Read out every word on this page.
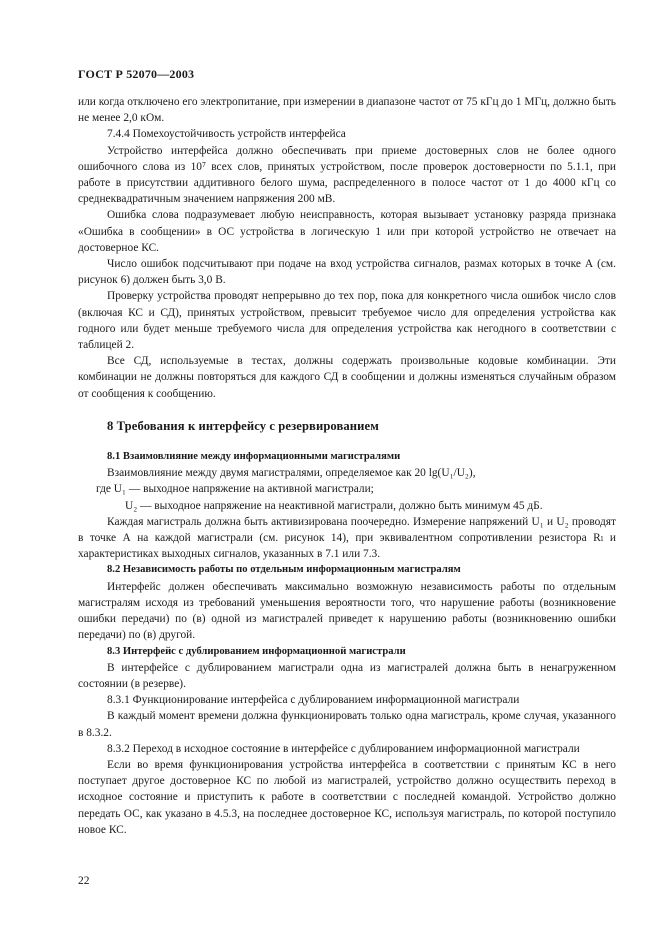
ГОСТ Р 52070—2003

или когда отключено его электропитание, при измерении в диапазоне частот от 75 кГц до 1 МГц, должно быть не менее 2,0 кОм.

7.4.4 Помехоустойчивость устройств интерфейса

Устройство интерфейса должно обеспечивать при приеме достоверных слов не более одного ошибочного слова из 10⁷ всех слов, принятых устройством, после проверок достоверности по 5.1.1, при работе в присутствии аддитивного белого шума, распределенного в полосе частот от 1 до 4000 кГц со среднеквадратичным значением напряжения 200 мВ.

Ошибка слова подразумевает любую неисправность, которая вызывает установку разряда признака «Ошибка в сообщении» в ОС устройства в логическую 1 или при которой устройство не отвечает на достоверное КС.

Число ошибок подсчитывают при подаче на вход устройства сигналов, размах которых в точке А (см. рисунок 6) должен быть 3,0 В.

Проверку устройства проводят непрерывно до тех пор, пока для конкретного числа ошибок число слов (включая КС и СД), принятых устройством, превысит требуемое число для определения устройства как годного или будет меньше требуемого числа для определения устройства как негодного в соответствии с таблицей 2.

Все СД, используемые в тестах, должны содержать произвольные кодовые комбинации. Эти комбинации не должны повторяться для каждого СД в сообщении и должны изменяться случайным образом от сообщения к сообщению.

8 Требования к интерфейсу с резервированием

8.1 Взаимовлияние между информационными магистралями

Взаимовлияние между двумя магистралями, определяемое как 20 lg(U₁/U₂),

где U₁ — выходное напряжение на активной магистрали;

U₂ — выходное напряжение на неактивной магистрали, должно быть минимум 45 дБ.

Каждая магистраль должна быть активизирована поочередно. Измерение напряжений U₁ и U₂ проводят в точке А на каждой магистрали (см. рисунок 14), при эквивалентном сопротивлении резистора Rₗ и характеристиках выходных сигналов, указанных в 7.1 или 7.3.

8.2 Независимость работы по отдельным информационным магистралям

Интерфейс должен обеспечивать максимально возможную независимость работы по отдельным магистралям исходя из требований уменьшения вероятности того, что нарушение работы (возникновение ошибки передачи) по (в) одной из магистралей приведет к нарушению работы (возникновению ошибки передачи) по (в) другой.

8.3 Интерфейс с дублированием информационной магистрали

В интерфейсе с дублированием магистрали одна из магистралей должна быть в ненагруженном состоянии (в резерве).

8.3.1 Функционирование интерфейса с дублированием информационной магистрали

В каждый момент времени должна функционировать только одна магистраль, кроме случая, указанного в 8.3.2.

8.3.2 Переход в исходное состояние в интерфейсе с дублированием информационной магистрали

Если во время функционирования устройства интерфейса в соответствии с принятым КС в него поступает другое достоверное КС по любой из магистралей, устройство должно осуществить переход в исходное состояние и приступить к работе в соответствии с последней командой. Устройство должно передать ОС, как указано в 4.5.3, на последнее достоверное КС, используя магистраль, по которой поступило новое КС.

22
